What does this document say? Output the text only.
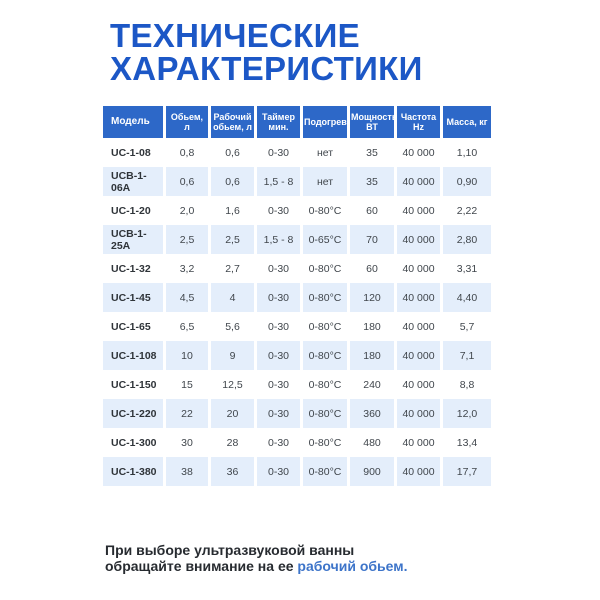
ТЕХНИЧЕСКИЕ
ХАРАКТЕРИСТИКИ
Модель	Обьем, л	Рабочий обьем, л	Таймер мин.	Подогрев	Мощность ВТ	Частота Hz	Масса, кг
UC-1-08	0,8	0,6	0-30	нет	35	40 000	1,10
UCB-1-06A	0,6	0,6	1,5 - 8	нет	35	40 000	0,90
UC-1-20	2,0	1,6	0-30	0-80°C	60	40 000	2,22
UCB-1-25A	2,5	2,5	1,5 - 8	0-65°C	70	40 000	2,80
UC-1-32	3,2	2,7	0-30	0-80°C	60	40 000	3,31
UC-1-45	4,5	4	0-30	0-80°C	120	40 000	4,40
UC-1-65	6,5	5,6	0-30	0-80°C	180	40 000	5,7
UC-1-108	10	9	0-30	0-80°C	180	40 000	7,1
UC-1-150	15	12,5	0-30	0-80°C	240	40 000	8,8
UC-1-220	22	20	0-30	0-80°C	360	40 000	12,0
UC-1-300	30	28	0-30	0-80°C	480	40 000	13,4
UC-1-380	38	36	0-30	0-80°C	900	40 000	17,7
При выборе ультразвуковой ванны
обращайте внимание на ее рабочий обьем.
